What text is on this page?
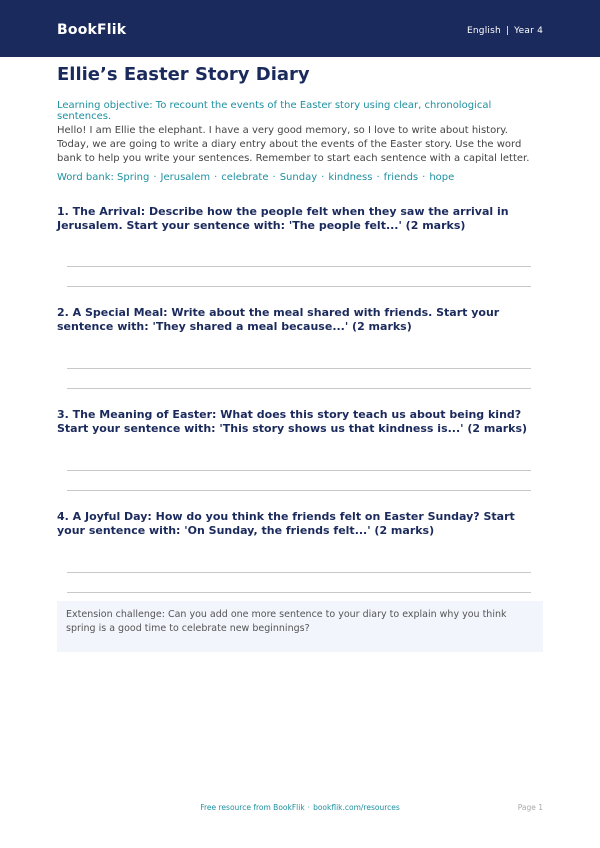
BookFlik	English | Year 4
Ellie’s Easter Story Diary

Learning objective: To recount the events of the Easter story using clear, chronological sentences.

Hello! I am Ellie the elephant. I have a very good memory, so I love to write about history. Today, we are going to write a diary entry about the events of the Easter story. Use the word bank to help you write your sentences. Remember to start each sentence with a capital letter.

Word bank: Spring · Jerusalem · celebrate · Sunday · kindness · friends · hope

1. The Arrival: Describe how the people felt when they saw the arrival in Jerusalem. Start your sentence with: 'The people felt...' (2 marks)

2. A Special Meal: Write about the meal shared with friends. Start your sentence with: 'They shared a meal because...' (2 marks)

3. The Meaning of Easter: What does this story teach us about being kind? Start your sentence with: 'This story shows us that kindness is...' (2 marks)

4. A Joyful Day: How do you think the friends felt on Easter Sunday? Start your sentence with: 'On Sunday, the friends felt...' (2 marks)

Extension challenge: Can you add one more sentence to your diary to explain why you think spring is a good time to celebrate new beginnings?
Free resource from BookFlik · bookflik.com/resources	Page 1
